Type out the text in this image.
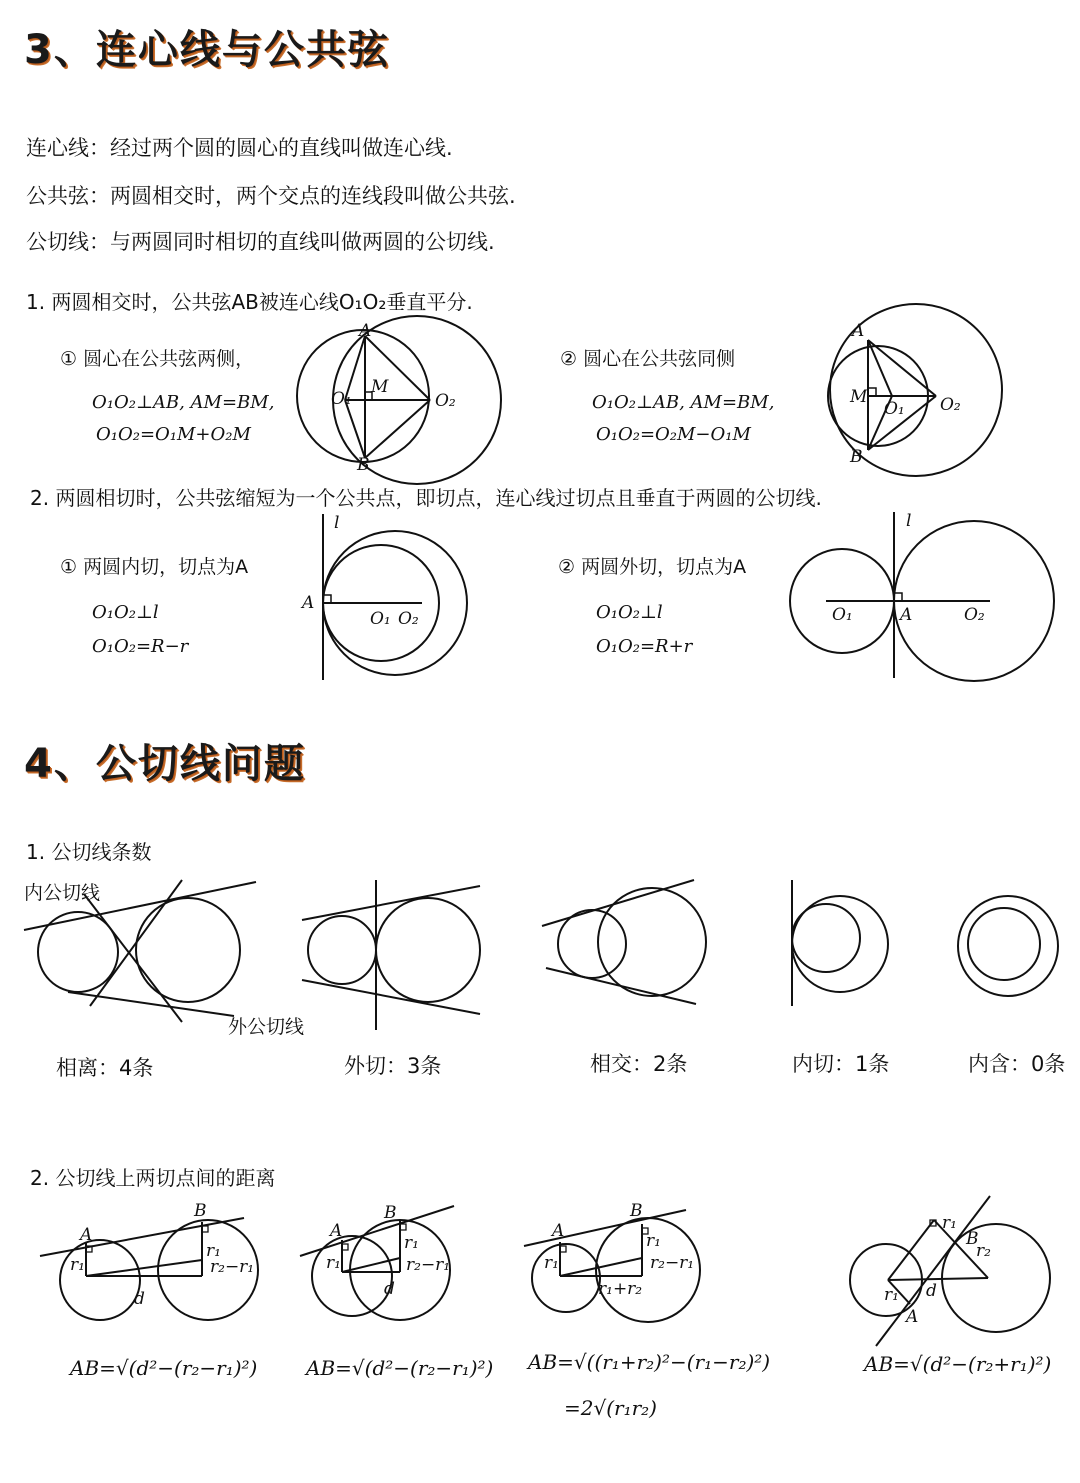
3、连心线与公共弦
连心线：经过两个圆的圆心的直线叫做连心线.
公共弦：两圆相交时，两个交点的连线段叫做公共弦.
公切线：与两圆同时相切的直线叫做两圆的公切线.
1. 两圆相交时，公共弦AB被连心线O₁O₂垂直平分.
① 圆心在公共弦两侧，
O₁O₂⊥AB, AM=BM,
O₁O₂=O₁M+O₂M
A
B
M
O₁	O₂
② 圆心在公共弦同侧
O₁O₂⊥AB, AM=BM,
O₁O₂=O₂M−O₁M
A
B
M
O₁ O₂
2. 两圆相切时，公共弦缩短为一个公共点，即切点，连心线过切点且垂直于两圆的公切线.
① 两圆内切，切点为A
O₁O₂⊥l
O₁O₂=R−r
l
A
O₁ O₂
② 两圆外切，切点为A
O₁O₂⊥l
O₁O₂=R+r
l
A
O₁	O₂
4、公切线问题
1. 公切线条数
内公切线
外公切线
相离：4条	外切：3条	相交：2条	内切：1条	内含：0条
2. 公切线上两切点间的距离
A
B
r₁
r₁
r₂−r₁
d
AB=√(d²−(r₂−r₁)²)
A
B
r₁
r₁
r₂−r₁
d
AB=√(d²−(r₂−r₁)²)
A
B
r₁
r₁
r₂−r₁
r₁+r₂
AB=√((r₁+r₂)²−(r₁−r₂)²)
=2√(r₁r₂)
r₁
B
r₂
r₁ d
A
AB=√(d²−(r₂+r₁)²)
